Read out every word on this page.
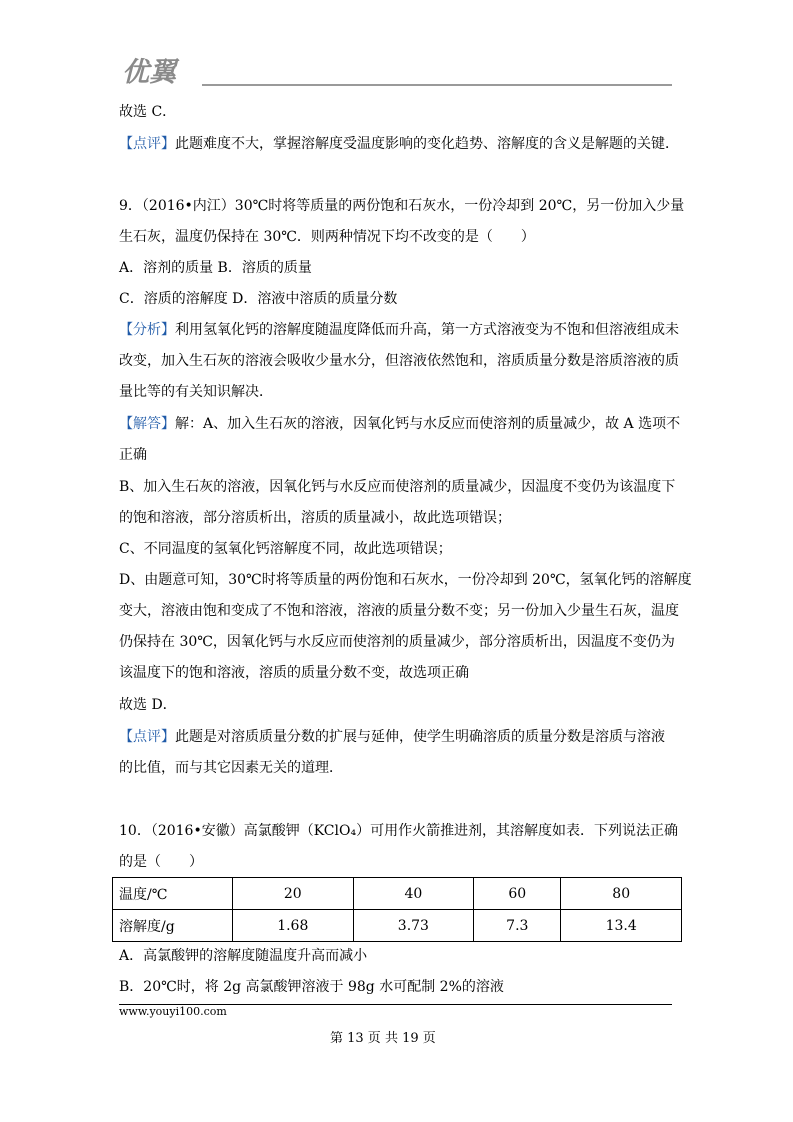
优翼
故选 C．
【点评】此题难度不大，掌握溶解度受温度影响的变化趋势、溶解度的含义是解题的关键．
9．（2016•内江）30℃时将等质量的两份饱和石灰水，一份冷却到 20℃，另一份加入少量
生石灰，温度仍保持在 30℃．则两种情况下均不改变的是（　　）
A．溶剂的质量 B．溶质的质量
C．溶质的溶解度 D．溶液中溶质的质量分数
【分析】利用氢氧化钙的溶解度随温度降低而升高，第一方式溶液变为不饱和但溶液组成未
改变，加入生石灰的溶液会吸收少量水分，但溶液依然饱和，溶质质量分数是溶质溶液的质
量比等的有关知识解决．
【解答】解：A、加入生石灰的溶液，因氧化钙与水反应而使溶剂的质量减少，故 A 选项不
正确
B、加入生石灰的溶液，因氧化钙与水反应而使溶剂的质量减少，因温度不变仍为该温度下
的饱和溶液，部分溶质析出，溶质的质量减小，故此选项错误；
C、不同温度的氢氧化钙溶解度不同，故此选项错误；
D、由题意可知，30℃时将等质量的两份饱和石灰水，一份冷却到 20℃，氢氧化钙的溶解度
变大，溶液由饱和变成了不饱和溶液，溶液的质量分数不变；另一份加入少量生石灰，温度
仍保持在 30℃，因氧化钙与水反应而使溶剂的质量减少，部分溶质析出，因温度不变仍为
该温度下的饱和溶液，溶质的质量分数不变，故选项正确
故选 D．
【点评】此题是对溶质质量分数的扩展与延伸，使学生明确溶质的质量分数是溶质与溶液
的比值，而与其它因素无关的道理．
10．（2016•安徽）高氯酸钾（KClO₄）可用作火箭推进剂，其溶解度如表．下列说法正确
的是（　　）
温度/℃	20	40	60	80
溶解度/g	1.68	3.73	7.3	13.4
A．高氯酸钾的溶解度随温度升高而减小
B．20℃时，将 2g 高氯酸钾溶液于 98g 水可配制 2%的溶液
www.youyi100.com
第 13 页 共 19 页
